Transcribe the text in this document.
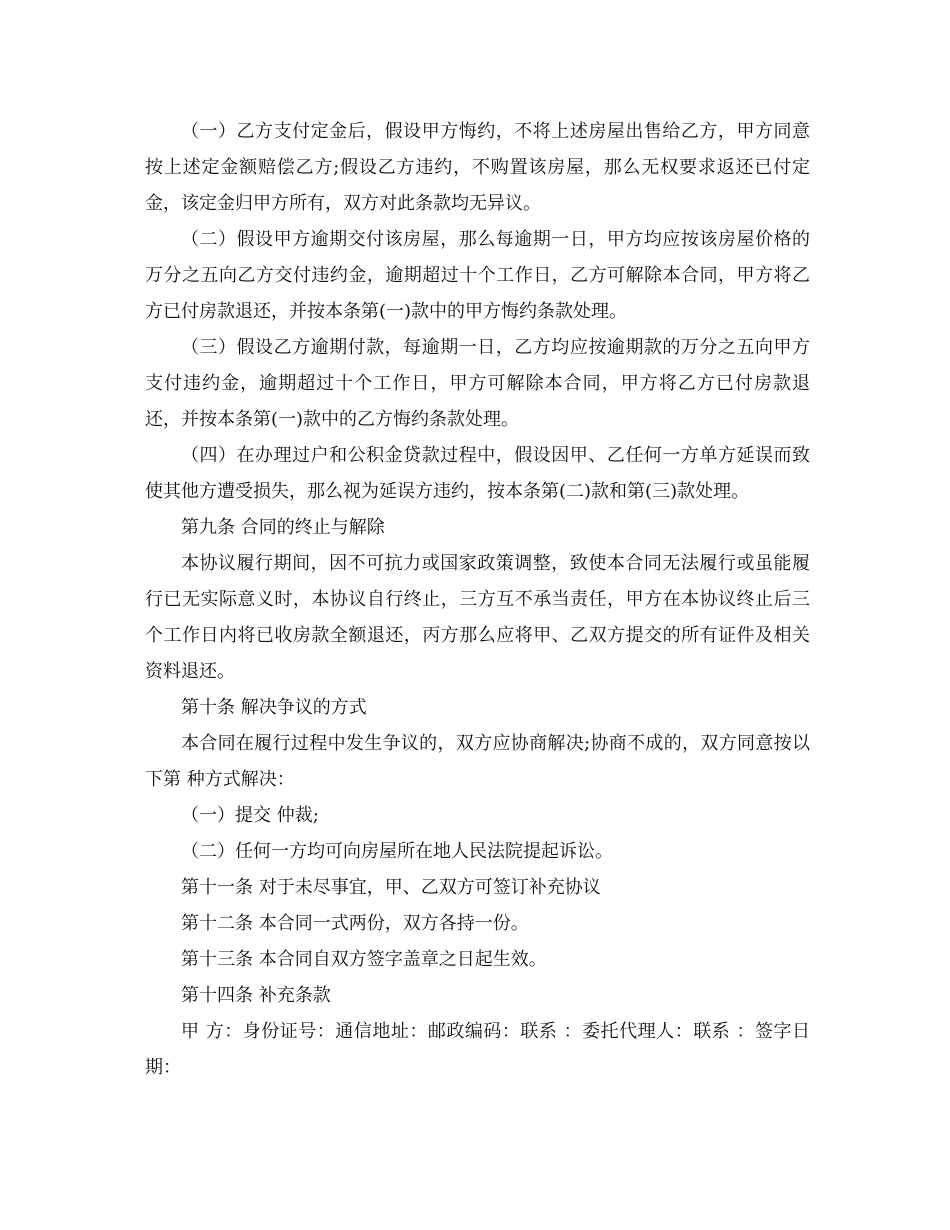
（一）乙方支付定金后，假设甲方悔约，不将上述房屋出售给乙方，甲方同意按上述定金额赔偿乙方;假设乙方违约，不购置该房屋，那么无权要求返还已付定金，该定金归甲方所有，双方对此条款均无异议。

（二）假设甲方逾期交付该房屋，那么每逾期一日，甲方均应按该房屋价格的万分之五向乙方交付违约金，逾期超过十个工作日，乙方可解除本合同，甲方将乙方已付房款退还，并按本条第(一)款中的甲方悔约条款处理。

（三）假设乙方逾期付款，每逾期一日，乙方均应按逾期款的万分之五向甲方支付违约金，逾期超过十个工作日，甲方可解除本合同，甲方将乙方已付房款退还，并按本条第(一)款中的乙方悔约条款处理。

（四）在办理过户和公积金贷款过程中，假设因甲、乙任何一方单方延误而致使其他方遭受损失，那么视为延误方违约，按本条第(二)款和第(三)款处理。

第九条 合同的终止与解除

本协议履行期间，因不可抗力或国家政策调整，致使本合同无法履行或虽能履行已无实际意义时，本协议自行终止，三方互不承当责任，甲方在本协议终止后三个工作日内将已收房款全额退还，丙方那么应将甲、乙双方提交的所有证件及相关资料退还。

第十条 解决争议的方式

本合同在履行过程中发生争议的，双方应协商解决;协商不成的，双方同意按以下第 种方式解决：

（一）提交 仲裁;

（二）任何一方均可向房屋所在地人民法院提起诉讼。

第十一条 对于未尽事宜，甲、乙双方可签订补充协议

第十二条 本合同一式两份，双方各持一份。

第十三条 本合同自双方签字盖章之日起生效。

第十四条 补充条款

甲 方：身份证号：通信地址：邮政编码：联系 ：委托代理人：联系 ：签字日期：
